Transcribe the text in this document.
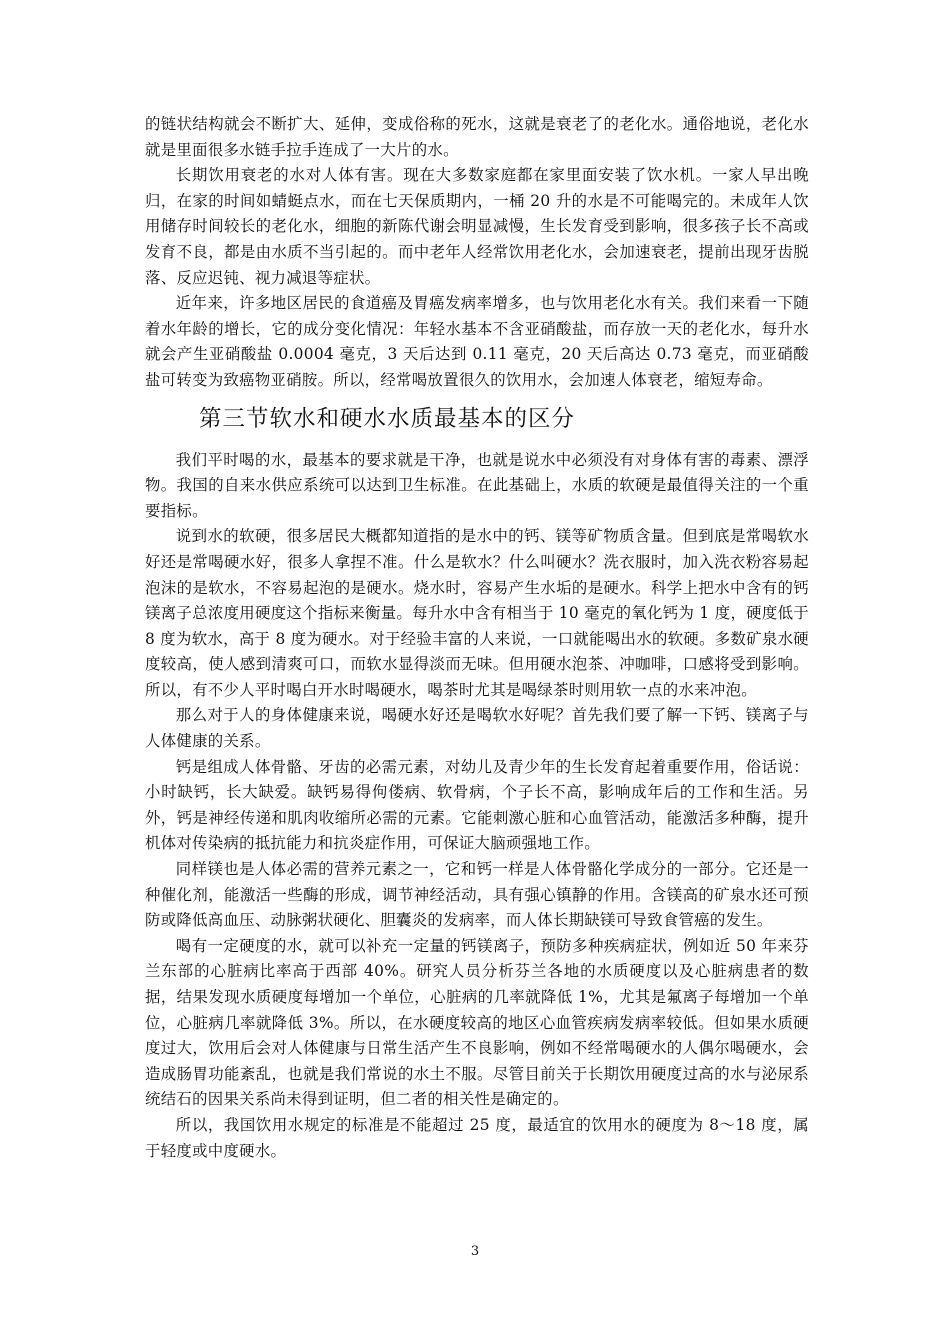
的链状结构就会不断扩大、延伸，变成俗称的死水，这就是衰老了的老化水。通俗地说，老化水就是里面很多水链手拉手连成了一大片的水。

长期饮用衰老的水对人体有害。现在大多数家庭都在家里面安装了饮水机。一家人早出晚归，在家的时间如蜻蜓点水，而在七天保质期内，一桶 20 升的水是不可能喝完的。未成年人饮用储存时间较长的老化水，细胞的新陈代谢会明显减慢，生长发育受到影响，很多孩子长不高或发育不良，都是由水质不当引起的。而中老年人经常饮用老化水，会加速衰老，提前出现牙齿脱落、反应迟钝、视力减退等症状。

近年来，许多地区居民的食道癌及胃癌发病率增多，也与饮用老化水有关。我们来看一下随着水年龄的增长，它的成分变化情况：年轻水基本不含亚硝酸盐，而存放一天的老化水，每升水就会产生亚硝酸盐 0.0004 毫克，3 天后达到 0.11 毫克，20 天后高达 0.73 毫克，而亚硝酸盐可转变为致癌物亚硝胺。所以，经常喝放置很久的饮用水，会加速人体衰老，缩短寿命。

第三节软水和硬水水质最基本的区分

我们平时喝的水，最基本的要求就是干净，也就是说水中必须没有对身体有害的毒素、漂浮物。我国的自来水供应系统可以达到卫生标准。在此基础上，水质的软硬是最值得关注的一个重要指标。

说到水的软硬，很多居民大概都知道指的是水中的钙、镁等矿物质含量。但到底是常喝软水好还是常喝硬水好，很多人拿捏不准。什么是软水？什么叫硬水？洗衣服时，加入洗衣粉容易起泡沫的是软水，不容易起泡的是硬水。烧水时，容易产生水垢的是硬水。科学上把水中含有的钙镁离子总浓度用硬度这个指标来衡量。每升水中含有相当于 10 毫克的氧化钙为 1 度，硬度低于 8 度为软水，高于 8 度为硬水。对于经验丰富的人来说，一口就能喝出水的软硬。多数矿泉水硬度较高，使人感到清爽可口，而软水显得淡而无味。但用硬水泡茶、冲咖啡，口感将受到影响。所以，有不少人平时喝白开水时喝硬水，喝茶时尤其是喝绿茶时则用软一点的水来冲泡。

那么对于人的身体健康来说，喝硬水好还是喝软水好呢？首先我们要了解一下钙、镁离子与人体健康的关系。

钙是组成人体骨骼、牙齿的必需元素，对幼儿及青少年的生长发育起着重要作用，俗话说：小时缺钙，长大缺爱。缺钙易得佝偻病、软骨病，个子长不高，影响成年后的工作和生活。另外，钙是神经传递和肌肉收缩所必需的元素。它能刺激心脏和心血管活动，能激活多种酶，提升机体对传染病的抵抗能力和抗炎症作用，可保证大脑顽强地工作。

同样镁也是人体必需的营养元素之一，它和钙一样是人体骨骼化学成分的一部分。它还是一种催化剂，能激活一些酶的形成，调节神经活动，具有强心镇静的作用。含镁高的矿泉水还可预防或降低高血压、动脉粥状硬化、胆囊炎的发病率，而人体长期缺镁可导致食管癌的发生。

喝有一定硬度的水，就可以补充一定量的钙镁离子，预防多种疾病症状，例如近 50 年来芬兰东部的心脏病比率高于西部 40%。研究人员分析芬兰各地的水质硬度以及心脏病患者的数据，结果发现水质硬度每增加一个单位，心脏病的几率就降低 1%，尤其是氟离子每增加一个单位，心脏病几率就降低 3%。所以，在水硬度较高的地区心血管疾病发病率较低。但如果水质硬度过大，饮用后会对人体健康与日常生活产生不良影响，例如不经常喝硬水的人偶尔喝硬水，会造成肠胃功能紊乱，也就是我们常说的水土不服。尽管目前关于长期饮用硬度过高的水与泌尿系统结石的因果关系尚未得到证明，但二者的相关性是确定的。

所以，我国饮用水规定的标准是不能超过 25 度，最适宜的饮用水的硬度为 8～18 度，属于轻度或中度硬水。

3
